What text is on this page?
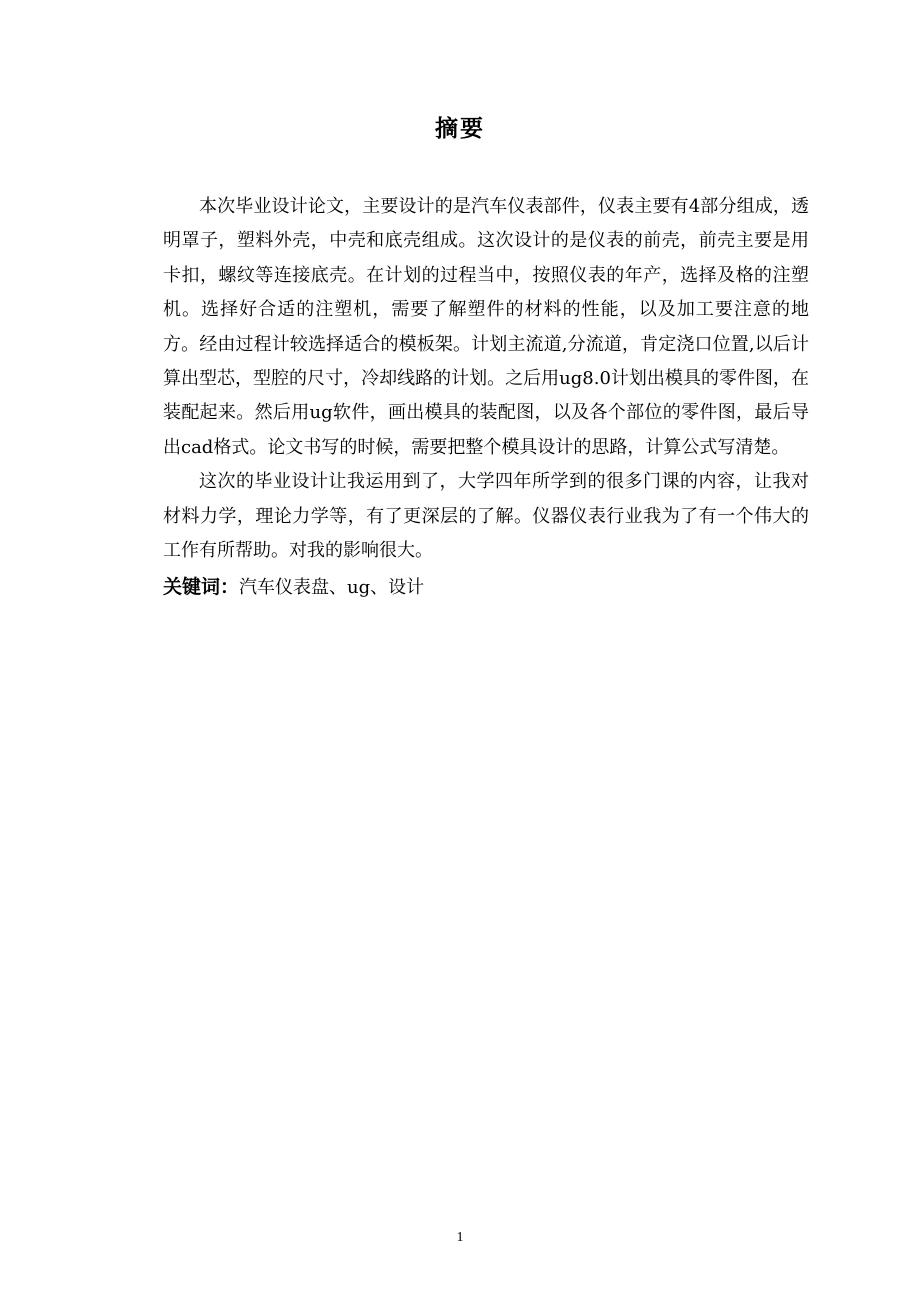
摘要

本次毕业设计论文，主要设计的是汽车仪表部件，仪表主要有4部分组成，透明罩子，塑料外壳，中壳和底壳组成。这次设计的是仪表的前壳，前壳主要是用卡扣，螺纹等连接底壳。在计划的过程当中，按照仪表的年产，选择及格的注塑机。选择好合适的注塑机，需要了解塑件的材料的性能，以及加工要注意的地方。经由过程计较选择适合的模板架。计划主流道,分流道，肯定浇口位置,以后计算出型芯，型腔的尺寸，冷却线路的计划。之后用ug8.0计划出模具的零件图，在装配起来。然后用ug软件，画出模具的装配图，以及各个部位的零件图，最后导出cad格式。论文书写的时候，需要把整个模具设计的思路，计算公式写清楚。

这次的毕业设计让我运用到了，大学四年所学到的很多门课的内容，让我对材料力学，理论力学等，有了更深层的了解。仪器仪表行业我为了有一个伟大的工作有所帮助。对我的影响很大。

关键词：汽车仪表盘、ug、设计

1
